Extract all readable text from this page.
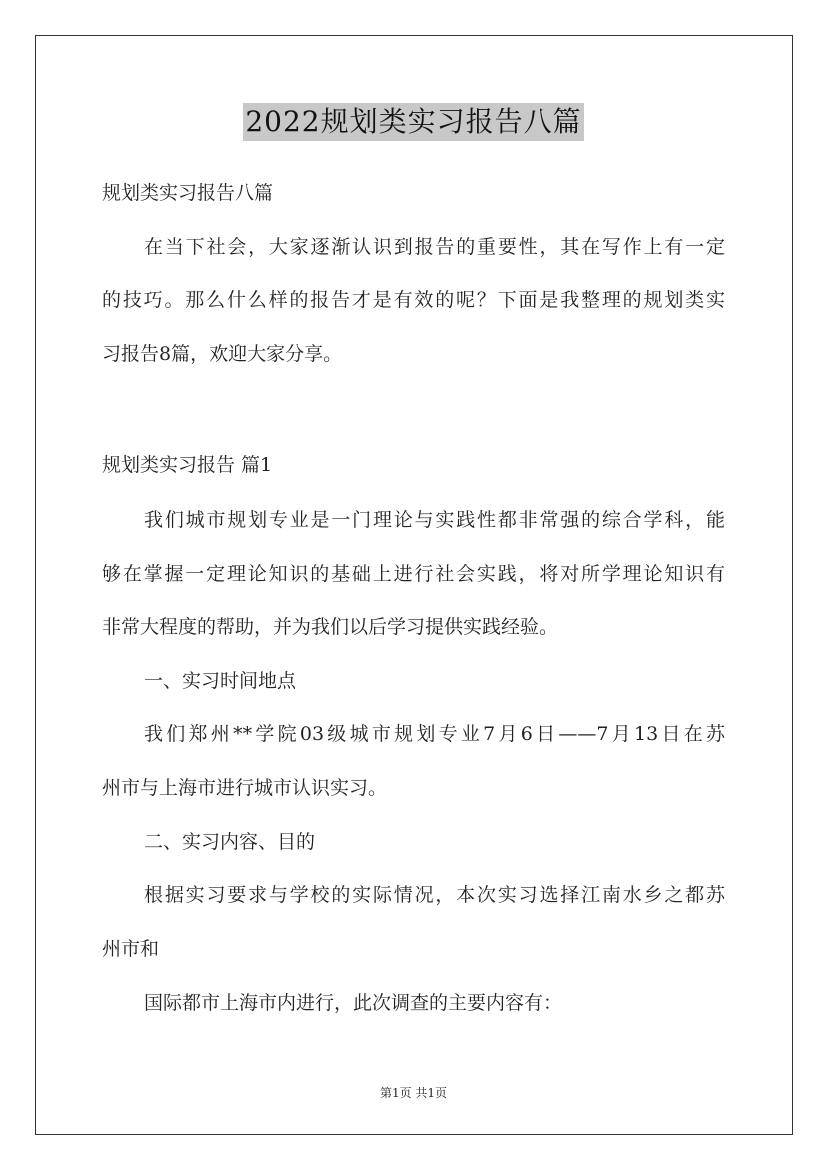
2022规划类实习报告八篇
规划类实习报告八篇
在当下社会，大家逐渐认识到报告的重要性，其在写作上有一定
的技巧。那么什么样的报告才是有效的呢？下面是我整理的规划类实
习报告8篇，欢迎大家分享。
规划类实习报告 篇1
我们城市规划专业是一门理论与实践性都非常强的综合学科，能
够在掌握一定理论知识的基础上进行社会实践，将对所学理论知识有
非常大程度的帮助，并为我们以后学习提供实践经验。
一、实习时间地点
我们郑州**学院03级城市规划专业7月6日——7月13日在苏
州市与上海市进行城市认识实习。
二、实习内容、目的
根据实习要求与学校的实际情况，本次实习选择江南水乡之都苏
州市和
国际都市上海市内进行，此次调查的主要内容有：
第1页 共1页
